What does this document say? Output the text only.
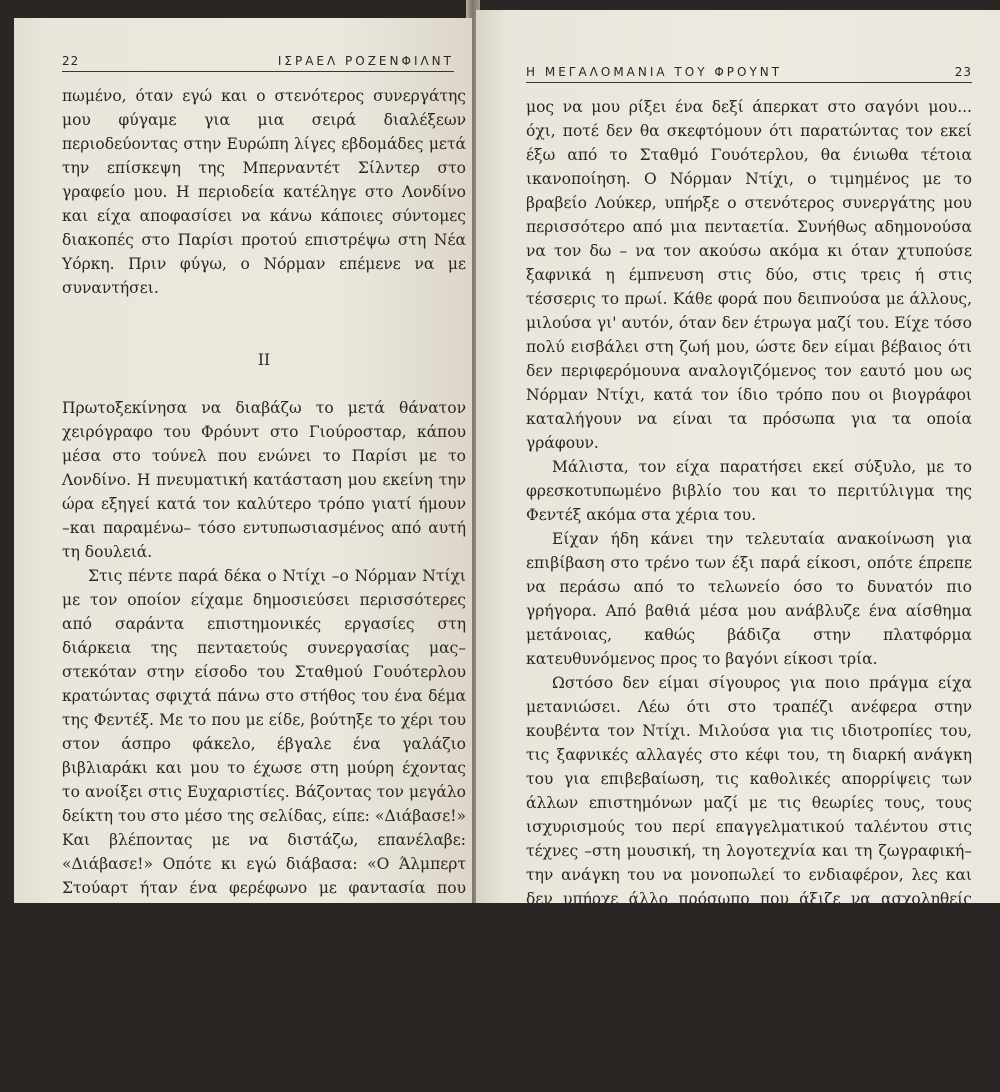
22	ΙΣΡΑΕΛ ΡΟΖΕΝΦΙΛΝΤ

πωμένο, όταν εγώ και ο στενότερος συνεργάτης μου φύγαμε για μια σειρά διαλέξεων περιοδεύοντας στην Ευρώπη λίγες εβδομάδες μετά την επίσκεψη της Μπερναντέτ Σίλντερ στο γραφείο μου. Η περιοδεία κατέληγε στο Λονδίνο και είχα αποφασίσει να κάνω κάποιες σύντομες διακοπές στο Παρίσι προτού επιστρέψω στη Νέα Υόρκη. Πριν φύγω, ο Νόρμαν επέμενε να με συναντήσει.

II

Πρωτοξεκίνησα να διαβάζω το μετά θάνατον χειρόγραφο του Φρόυντ στο Γιούροσταρ, κάπου μέσα στο τούνελ που ενώνει το Παρίσι με το Λονδίνο. Η πνευματική κατάσταση μου εκείνη την ώρα εξηγεί κατά τον καλύτερο τρόπο γιατί ήμουν –και παραμένω– τόσο εντυπωσιασμένος από αυτή τη δουλειά.

Στις πέντε παρά δέκα ο Ντίχι –ο Νόρμαν Ντίχι με τον οποίον είχαμε δημοσιεύσει περισσότερες από σαράντα επιστημονικές εργασίες στη διάρκεια της πενταετούς συνεργασίας μας– στεκόταν στην είσοδο του Σταθμού Γουότερλου κρατώντας σφιχτά πάνω στο στήθος του ένα δέμα της Φεντέξ. Με το που με είδε, βούτηξε το χέρι του στον άσπρο φάκελο, έβγαλε ένα γαλάζιο βιβλιαράκι και μου το έχωσε στη μούρη έχοντας το ανοίξει στις Ευχαριστίες. Βάζοντας τον μεγάλο δείκτη του στο μέσο της σελίδας, είπε: «Διάβασε!» Και βλέποντας με να διστάζω, επανέλαβε: «Διάβασε!» Οπότε κι εγώ διάβασα: «Ο Άλμπερτ Στούαρτ ήταν ένα φερέφωνο με φαντασία που έκανε κριτική».

Έκλεισα το βιβλίο, του το έδωσα και μπήκα στο σταθμό Γουότερλου.

Ποτέ μου δεν θα σκεφτόμουνα ότι παρατώντας στη μέση του δρόμου κάποιον που έχει τιμηθεί με το βραβείο Λούκερ σύξυλο, κατσουφιασμένο, με το σαγόνι του να κρέμεται, με τις γροθιές του σφιγμένες, λες και ήταν ετοι-

Η ΜΕΓΑΛΟΜΑΝΙΑ ΤΟΥ ΦΡΟΥΝΤ	23

μος να μου ρίξει ένα δεξί άπερκατ στο σαγόνι μου... όχι, ποτέ δεν θα σκεφτόμουν ότι παρατώντας τον εκεί έξω από το Σταθμό Γουότερλου, θα ένιωθα τέτοια ικανοποίηση. Ο Νόρμαν Ντίχι, ο τιμημένος με το βραβείο Λούκερ, υπήρξε ο στενότερος συνεργάτης μου περισσότερο από μια πενταετία. Συνήθως αδημονούσα να τον δω – να τον ακούσω ακόμα κι όταν χτυπούσε ξαφνικά η έμπνευση στις δύο, στις τρεις ή στις τέσσερις το πρωί. Κάθε φορά που δειπνούσα με άλλους, μιλούσα γι' αυτόν, όταν δεν έτρωγα μαζί του. Είχε τόσο πολύ εισβάλει στη ζωή μου, ώστε δεν είμαι βέβαιος ότι δεν περιφερόμουνα αναλογιζόμενος τον εαυτό μου ως Νόρμαν Ντίχι, κατά τον ίδιο τρόπο που οι βιογράφοι καταλήγουν να είναι τα πρόσωπα για τα οποία γράφουν.

Μάλιστα, τον είχα παρατήσει εκεί σύξυλο, με το φρεσκοτυπωμένο βιβλίο του και το περιτύλιγμα της Φεντέξ ακόμα στα χέρια του.

Είχαν ήδη κάνει την τελευταία ανακοίνωση για επιβίβαση στο τρένο των έξι παρά είκοσι, οπότε έπρεπε να περάσω από το τελωνείο όσο το δυνατόν πιο γρήγορα. Από βαθιά μέσα μου ανάβλυζε ένα αίσθημα μετάνοιας, καθώς βάδιζα στην πλατφόρμα κατευθυνόμενος προς το βαγόνι είκοσι τρία.

Ωστόσο δεν είμαι σίγουρος για ποιο πράγμα είχα μετανιώσει. Λέω ότι στο τραπέζι ανέφερα στην κουβέντα τον Ντίχι. Μιλούσα για τις ιδιοτροπίες του, τις ξαφνικές αλλαγές στο κέφι του, τη διαρκή ανάγκη του για επιβεβαίωση, τις καθολικές απορρίψεις των άλλων επιστημόνων μαζί με τις θεωρίες τους, τους ισχυρισμούς του περί επαγγελματικού ταλέντου στις τέχνες –στη μουσική, τη λογοτεχνία και τη ζωγραφική– την ανάγκη του να μονοπωλεί το ενδιαφέρον, λες και δεν υπήρχε άλλο πρόσωπο που άξιζε να ασχοληθείς μαζί του. Με τη γυναίκα του είχε μια ολέθρια σχέση για περισσότερο από μια εικοσαετία, καθώς επίσης και περιστασιακές σχέσεις, για τις οποίες ένιωθε υποχρεωμένος να αφηνεί κάποια ασαφή υπονοούμενα στους μετα-
